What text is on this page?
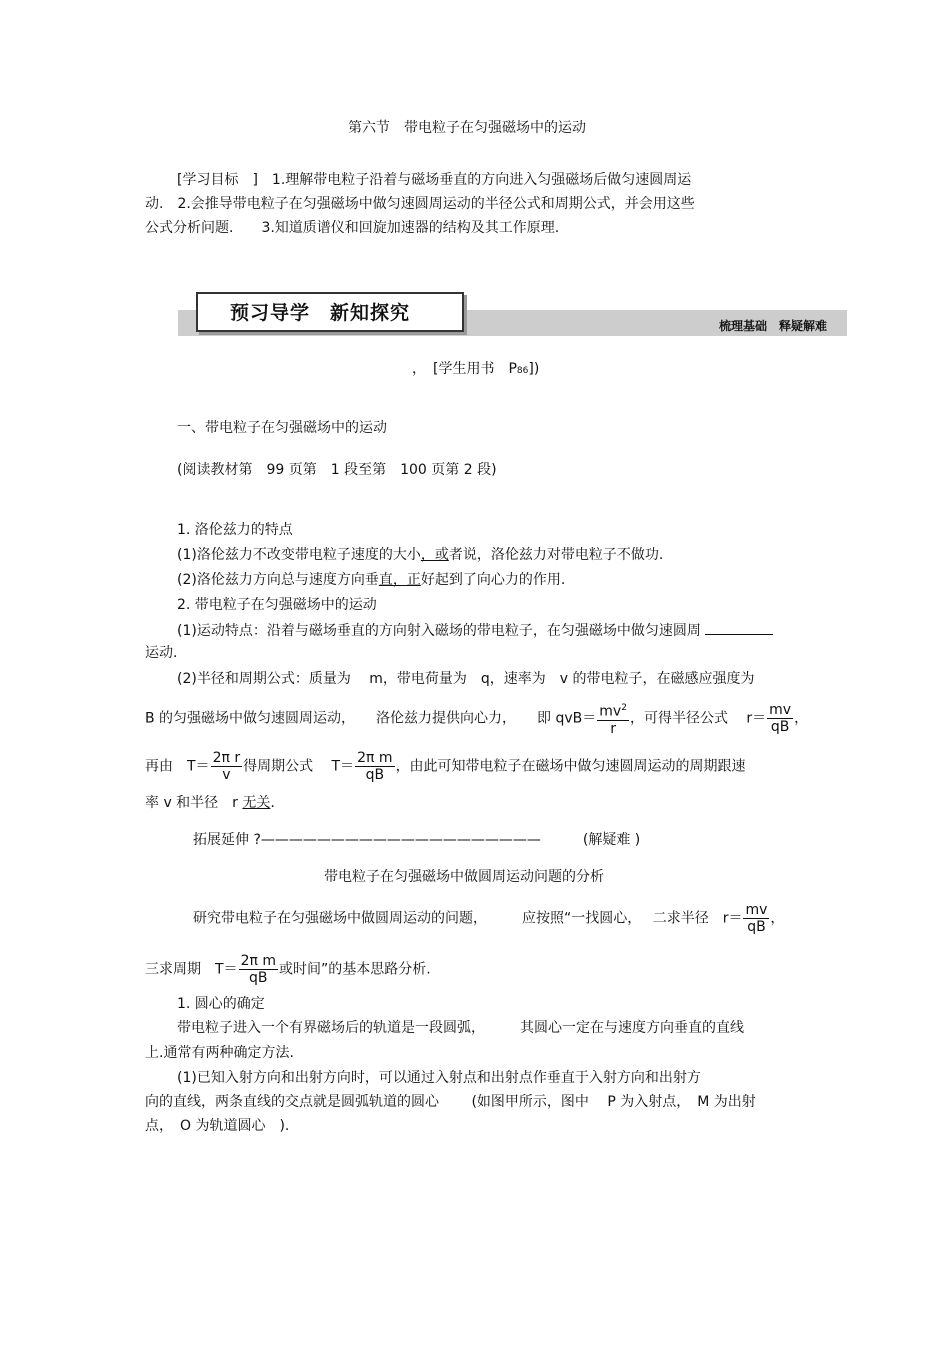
第六节　带电粒子在匀强磁场中的运动
[学习目标　]　1.理解带电粒子沿着与磁场垂直的方向进入匀强磁场后做匀速圆周运
动.　2.会推导带电粒子在匀强磁场中做匀速圆周运动的半径公式和周期公式，并会用这些
公式分析问题.　　3.知道质谱仪和回旋加速器的结构及其工作原理.
预习导学　新知探究
梳理基础　释疑解难
，　[学生用书　P86])
一、带电粒子在匀强磁场中的运动
(阅读教材第　99 页第　1 段至第　100 页第 2 段)
1. 洛伦兹力的特点
(1)洛伦兹力不改变带电粒子速度的大小，或者说，洛伦兹力对带电粒子不做功.
(2)洛伦兹力方向总与速度方向垂直，正好起到了向心力的作用.
2. 带电粒子在匀强磁场中的运动
(1)运动特点：沿着与磁场垂直的方向射入磁场的带电粒子，在匀强磁场中做匀速圆周
运动.
(2)半径和周期公式：质量为　 m，带电荷量为　q，速率为　v 的带电粒子，在磁感应强度为
B 的匀强磁场中做匀速圆周运动，　　洛伦兹力提供向心力，　　即 $qvB= \frac{mv^2}{r}$ ，可得半径公式　 $r= \frac{mv}{qB}$ ，
再由　$T= \frac{\text{2π r}}{v}$ 得周期公式　 $T= \frac{\text{2π m}}{qB}$ ，由此可知带电粒子在磁场中做匀速圆周运动的周期跟速
率 v 和半径　r 无关.
拓展延伸 ?————————————————————　　　(解疑难 )
带电粒子在匀强磁场中做圆周运动问题的分析
研究带电粒子在匀强磁场中做圆周运动的问题，　　　应按照“一找圆心，　 二求半径　$r= \frac{mv}{qB}$ ，
三求周期　$T= \frac{\text{2π m}}{qB}$ 或时间”的基本思路分析.
1. 圆心的确定
带电粒子进入一个有界磁场后的轨道是一段圆弧，　　　其圆心一定在与速度方向垂直的直线
上.通常有两种确定方法.
(1)已知入射方向和出射方向时，可以通过入射点和出射点作垂直于入射方向和出射方
向的直线，两条直线的交点就是圆弧轨道的圆心　　 (如图甲所示，图中　 P 为入射点，　M 为出射
点，　O 为轨道圆心　).
